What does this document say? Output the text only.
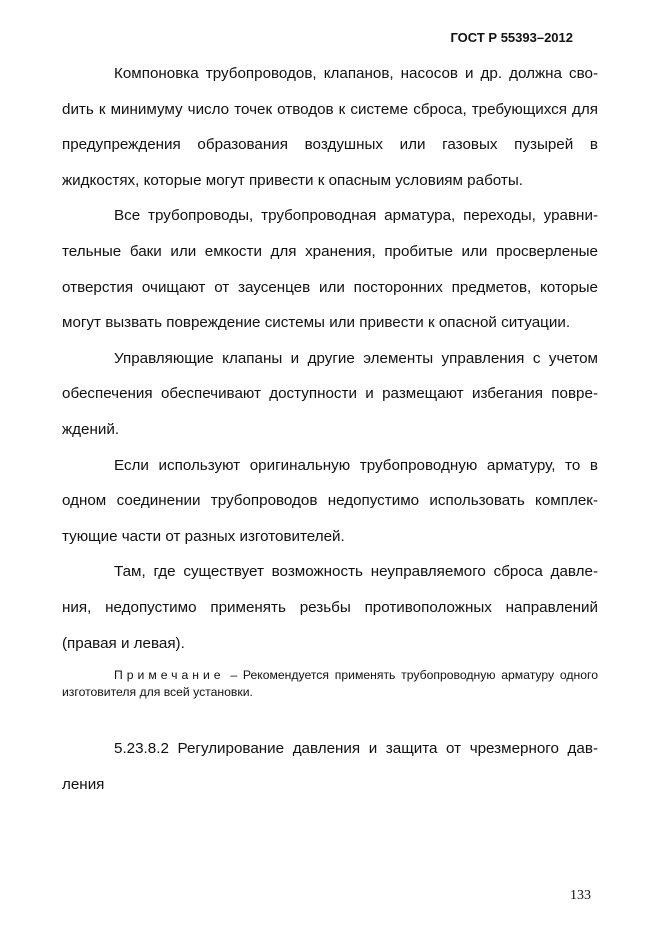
ГОСТ Р 55393–2012

Компоновка трубопроводов, клапанов, насосов и др. должна своdить к минимуму число точек отводов к системе сброса, требующихся для предупреждения образования воздушных или газовых пузырей в жидкостях, которые могут привести к опасным условиям работы.

Все трубопроводы, трубопроводная арматура, переходы, уравнительные баки или емкости для хранения, пробитые или просверленые отверстия очищают от заусенцев или посторонних предметов, которые могут вызвать повреждение системы или привести к опасной ситуации.

Управляющие клапаны и другие элементы управления с учетом обеспечения обеспечивают доступности и размещают избегания повреждений.

Если используют оригинальную трубопроводную арматуру, то в одном соединении трубопроводов недопустимо использовать комплектующие части от разных изготовителей.

Там, где существует возможность неуправляемого сброса давления, недопустимо применять резьбы противоположных направлений (правая и левая).

Примечание – Рекомендуется применять трубопроводную арматуру одного изготовителя для всей установки.

5.23.8.2 Регулирование давления и защита от чрезмерного давления

133
